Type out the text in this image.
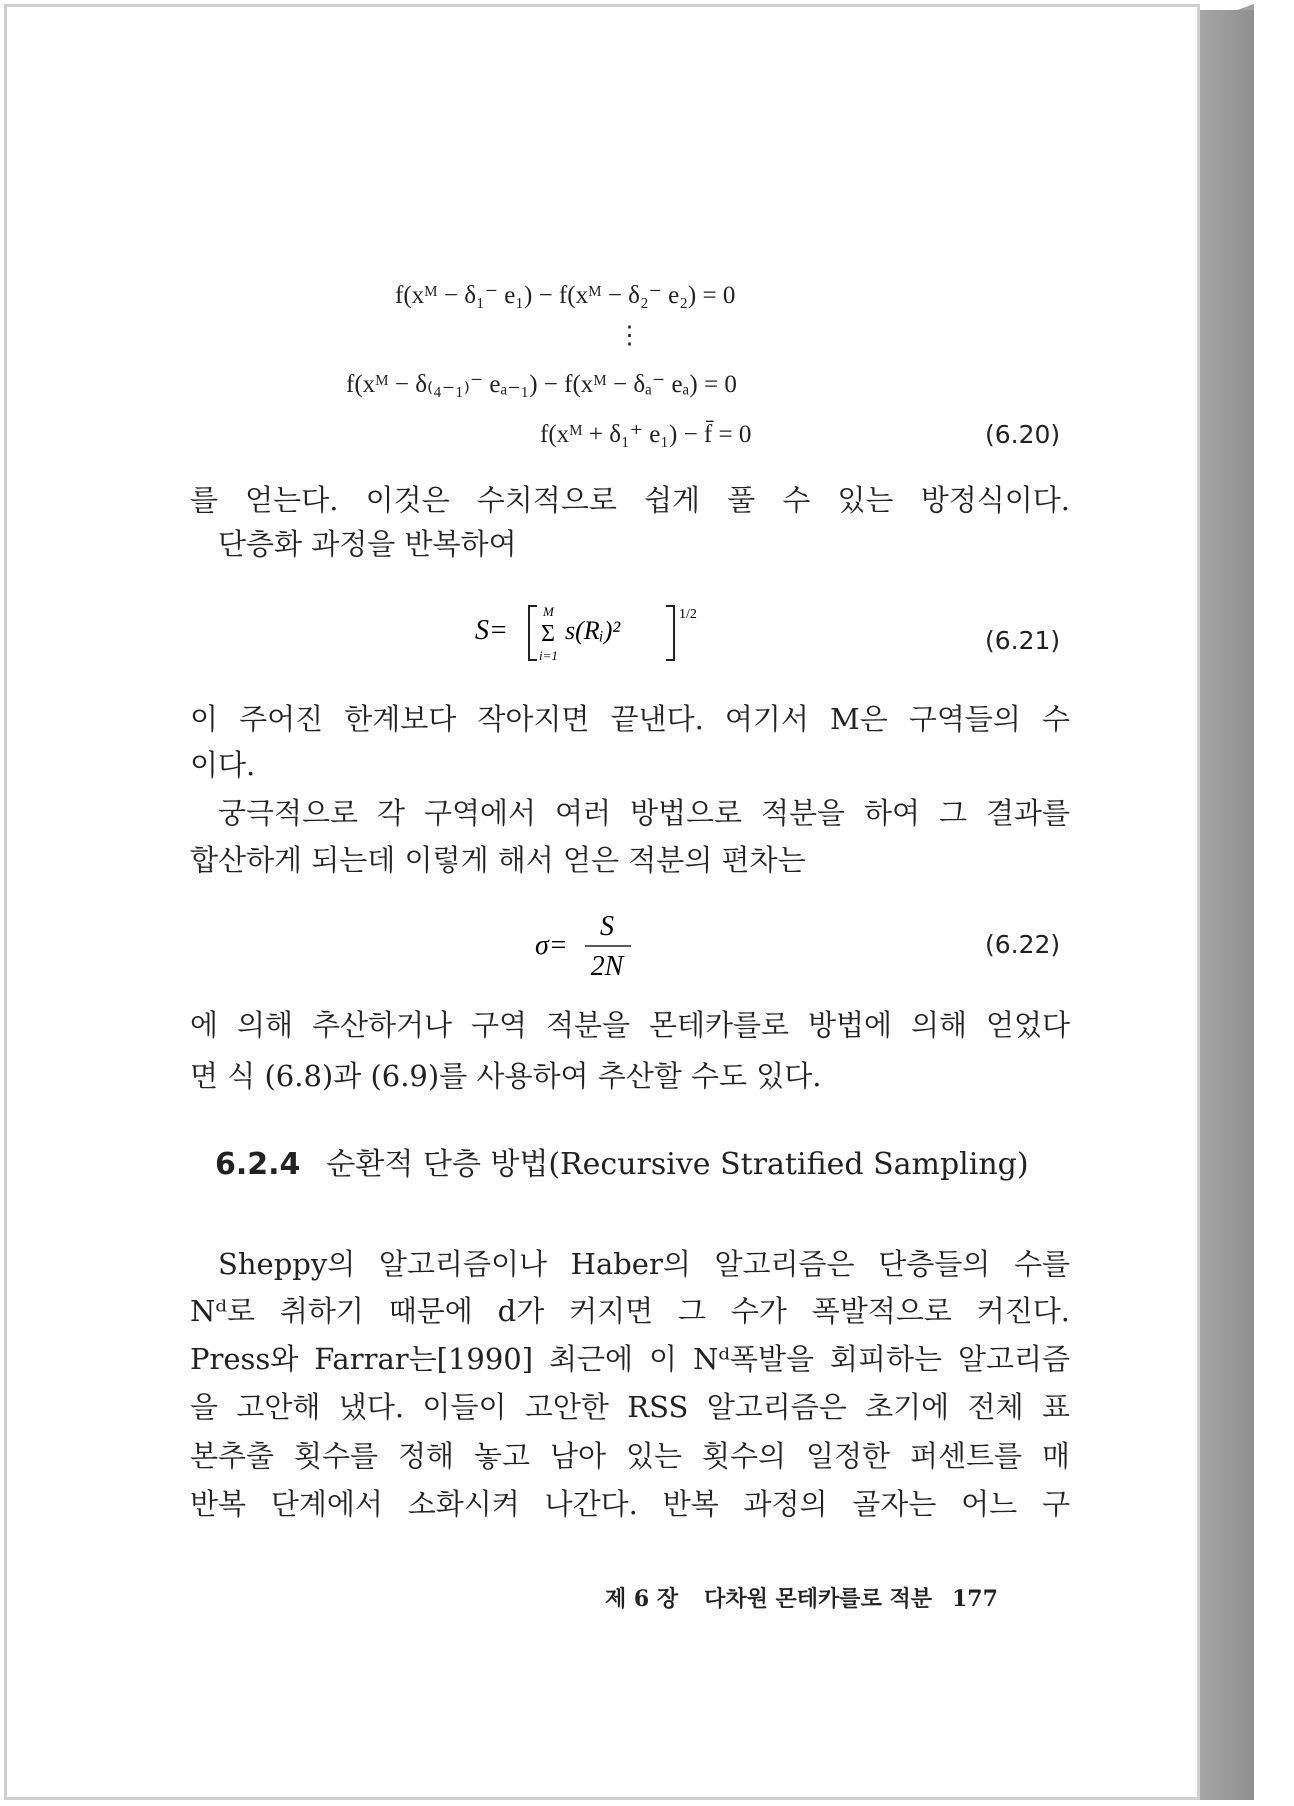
f(xᴹ − δ₁⁻ e₁) − f(xᴹ − δ₂⁻ e₂) = 0
⋮
f(xᴹ − δ₍₄₋₁₎⁻ eₐ₋₁) − f(xᴹ − δₐ⁻ eₐ) = 0
f(xᴹ + δ₁⁺ e₁) − f̄ = 0	(6.20)
를 얻는다. 이것은 수치적으로 쉽게 풀 수 있는 방정식이다.
단층화 과정을 반복하여
S=
M
Σ
i=1
s(Rᵢ)²
1/2
(6.21)
이 주어진 한계보다 작아지면 끝낸다. 여기서 M은 구역들의 수
이다.
궁극적으로 각 구역에서 여러 방법으로 적분을 하여 그 결과를
합산하게 되는데 이렇게 해서 얻은 적분의 편차는
σ=
S
2N
(6.22)
에 의해 추산하거나 구역 적분을 몬테카를로 방법에 의해 얻었다
면 식 (6.8)과 (6.9)를 사용하여 추산할 수도 있다.
6.2.4 순환적 단층 방법(Recursive Stratified Sampling)
Sheppy의 알고리즘이나 Haber의 알고리즘은 단층들의 수를
Nᵈ로 취하기 때문에 d가 커지면 그 수가 폭발적으로 커진다.
Press와 Farrar는[1990] 최근에 이 Nᵈ폭발을 회피하는 알고리즘
을 고안해 냈다. 이들이 고안한 RSS 알고리즘은 초기에 전체 표
본추출 횟수를 정해 놓고 남아 있는 횟수의 일정한 퍼센트를 매
반복 단계에서 소화시켜 나간다. 반복 과정의 골자는 어느 구
제 6 장 다차원 몬테카를로 적분 177
